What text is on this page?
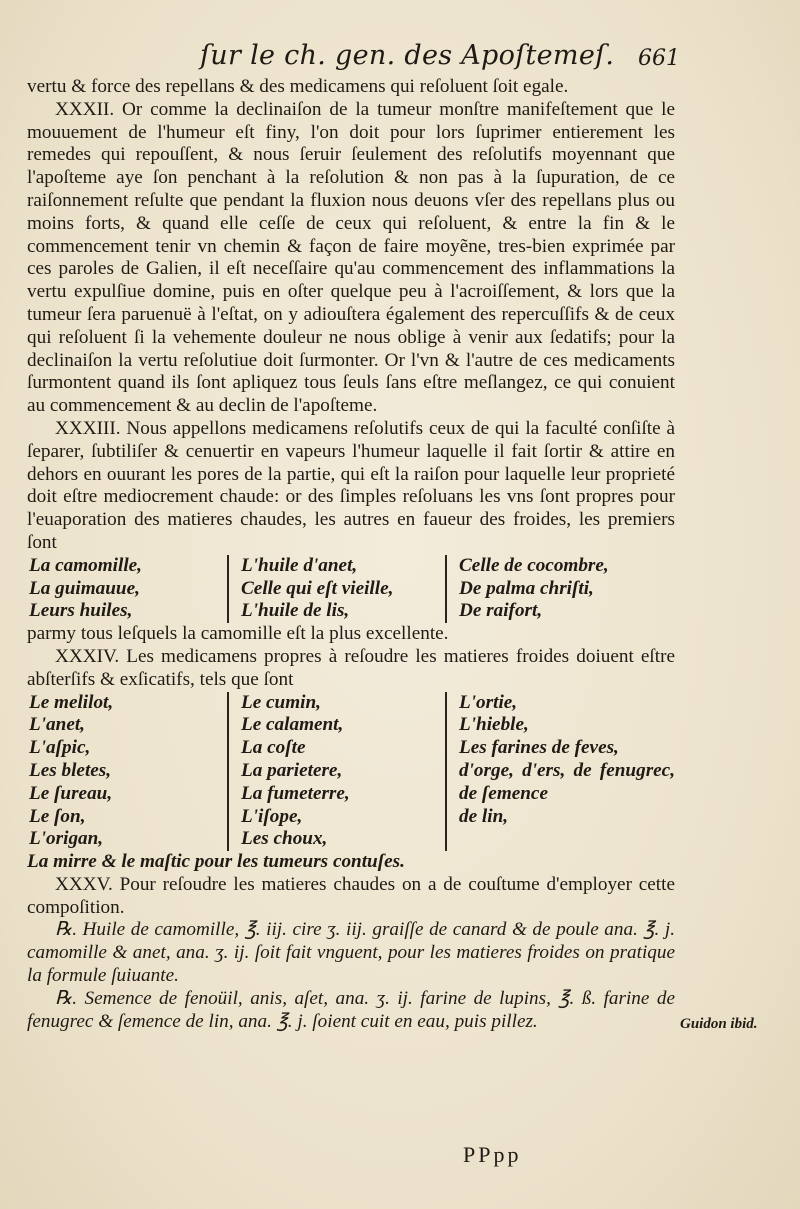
ſur le ch. gen. des Apoſtemeſ. 661

vertu & force des repellans & des medicamens qui reſoluent ſoit egale.

XXXII. Or comme la declinaiſon de la tumeur monſtre manifeſtement que le mouuement de l'humeur eſt finy, l'on doit pour lors ſuprimer entierement les remedes qui repouſſent, & nous ſeruir ſeulement des reſolutifs moyennant que l'apoſteme aye ſon penchant à la reſolution & non pas à la ſupuration, de ce raiſonnement reſulte que pendant la fluxion nous deuons vſer des repellans plus ou moins forts, & quand elle ceſſe de ceux qui reſoluent, & entre la fin & le commencement tenir vn chemin & façon de faire moyẽne, tres-bien exprimée par ces paroles de Galien, il eſt neceſſaire qu'au commencement des inflammations la vertu expulſiue domine, puis en oſter quelque peu à l'acroiſſement, & lors que la tumeur ſera paruenuë à l'eſtat, on y adiouſtera également des repercuſſifs & de ceux qui reſoluent ſi la vehemente douleur ne nous oblige à venir aux ſedatifs; pour la declinaiſon la vertu reſolutiue doit ſurmonter. Or l'vn & l'autre de ces medicaments ſurmontent quand ils ſont apliquez tous ſeuls ſans eſtre meſlangez, ce qui conuient au commencement & au declin de l'apoſteme.

XXXIII. Nous appellons medicamens reſolutifs ceux de qui la faculté conſiſte à ſeparer, ſubtiliſer & cenuertir en vapeurs l'humeur laquelle il fait ſortir & attire en dehors en ouurant les pores de la partie, qui eſt la raiſon pour laquelle leur proprieté doit eſtre mediocrement chaude: or des ſimples reſoluans les vns ſont propres pour l'euaporation des matieres chaudes, les autres en faueur des froides, les premiers ſont

La camomille,
La guimauue,
Leurs huiles,
L'huile d'anet,
Celle qui eſt vieille,
L'huile de lis,
Celle de cocombre,
De palma chriſti,
De raifort,

parmy tous leſquels la camomille eſt la plus excellente.

XXXIV. Les medicamens propres à reſoudre les matieres froides doiuent eſtre abſterſifs & exſicatifs, tels que ſont

Le melilot,
L'anet,
L'aſpic,
Les bletes,
Le ſureau,
Le ſon,
L'origan,
Le cumin,
Le calament,
La coſte
La parietere,
La fumeterre,
L'iſope,
Les choux,
L'ortie,
L'hieble,
Les farines de feves,
d'orge, d'ers, de fenugrec, de ſemence
de lin,

La mirre & le maſtic pour les tumeurs contuſes.

XXXV. Pour reſoudre les matieres chaudes on a de couſtume d'employer cette compoſition.

℞. Huile de camomille, ℥. iij. cire ʒ. iij. graiſſe de canard & de poule ana. ℥. j. camomille & anet, ana. ʒ. ij. ſoit fait vnguent, pour les matieres froides on pratique la formule ſuiuante.

℞. Semence de fenoüil, anis, aſet, ana. ʒ. ij. farine de lupins, ℥. ß. farine de fenugrec & ſemence de lin, ana. ℥. j. ſoient cuit en eau, puis pillez.	Guidon ibid.
PPpp
